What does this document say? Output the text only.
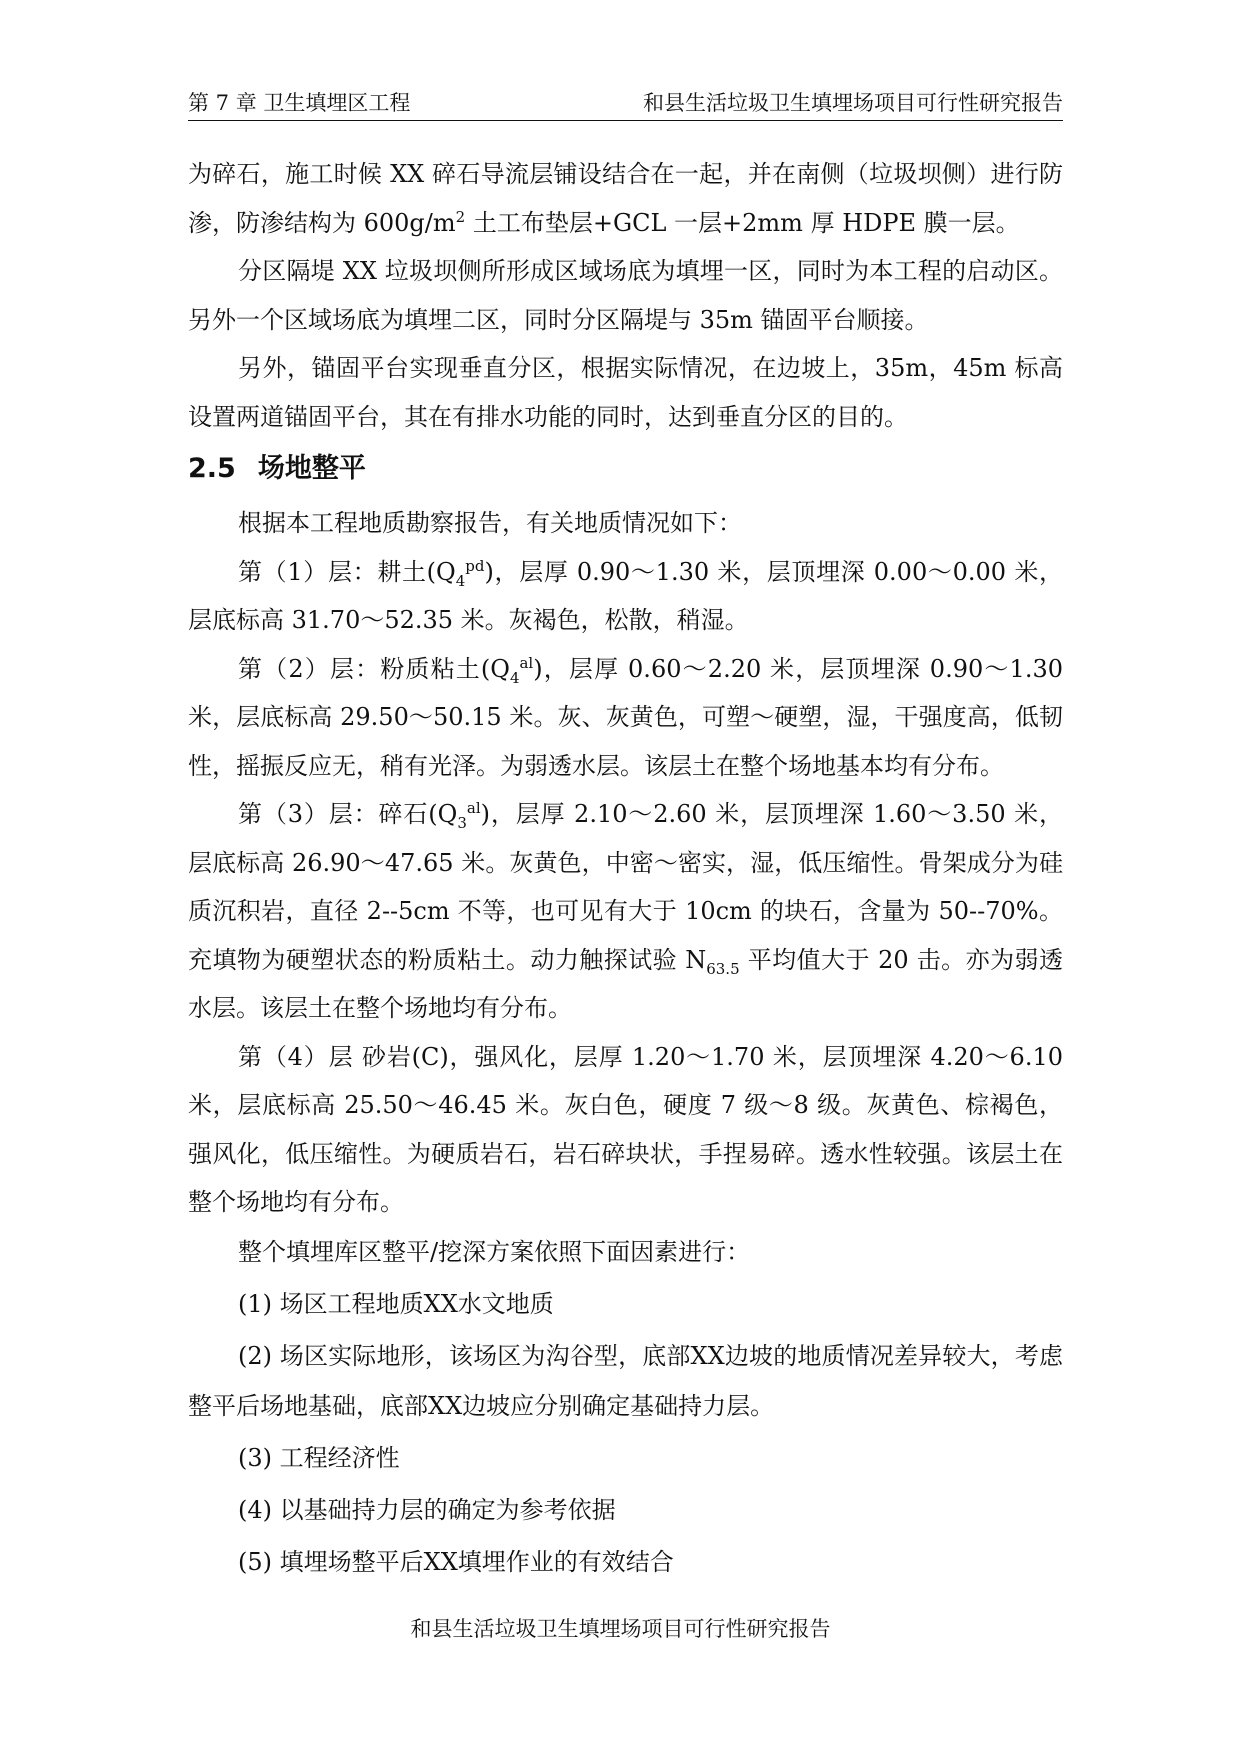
第 7 章 卫生填埋区工程	和县生活垃圾卫生填埋场项目可行性研究报告

为碎石，施工时候 XX 碎石导流层铺设结合在一起，并在南侧（垃圾坝侧）进行防渗，防渗结构为 $600g/m^2$ 土工布垫层+GCL 一层+2mm 厚 HDPE 膜一层。

分区隔堤 XX 垃圾坝侧所形成区域场底为填埋一区，同时为本工程的启动区。另外一个区域场底为填埋二区，同时分区隔堤与 35m 锚固平台顺接。

另外，锚固平台实现垂直分区，根据实际情况，在边坡上，35m，45m 标高设置两道锚固平台，其在有排水功能的同时，达到垂直分区的目的。

2.5 场地整平

根据本工程地质勘察报告，有关地质情况如下：

第（1）层：耕土$(Q_4^{pd})$，层厚 0.90～1.30 米，层顶埋深 0.00～0.00 米，层底标高 31.70～52.35 米。灰褐色，松散，稍湿。

第（2）层：粉质粘土$(Q_4^{al})$，层厚 0.60～2.20 米，层顶埋深 0.90～1.30 米，层底标高 29.50～50.15 米。灰、灰黄色，可塑～硬塑，湿，干强度高，低韧性，摇振反应无，稍有光泽。为弱透水层。该层土在整个场地基本均有分布。

第（3）层：碎石$(Q_3^{al})$，层厚 2.10～2.60 米，层顶埋深 1.60～3.50 米，层底标高 26.90～47.65 米。灰黄色，中密～密实，湿，低压缩性。骨架成分为硅质沉积岩，直径 2--5cm 不等，也可见有大于 10cm 的块石，含量为 50--70%。充填物为硬塑状态的粉质粘土。动力触探试验 $N_{63.5}$ 平均值大于 20 击。亦为弱透水层。该层土在整个场地均有分布。

第（4）层 砂岩(C)，强风化，层厚 1.20～1.70 米，层顶埋深 4.20～6.10 米，层底标高 25.50～46.45 米。灰白色，硬度 7 级～8 级。灰黄色、棕褐色，强风化，低压缩性。为硬质岩石，岩石碎块状，手捏易碎。透水性较强。该层土在整个场地均有分布。

整个填埋库区整平/挖深方案依照下面因素进行：

(1) 场区工程地质XX水文地质

(2) 场区实际地形，该场区为沟谷型，底部XX边坡的地质情况差异较大，考虑整平后场地基础，底部XX边坡应分别确定基础持力层。

(3) 工程经济性

(4) 以基础持力层的确定为参考依据

(5) 填埋场整平后XX填埋作业的有效结合

和县生活垃圾卫生填埋场项目可行性研究报告
